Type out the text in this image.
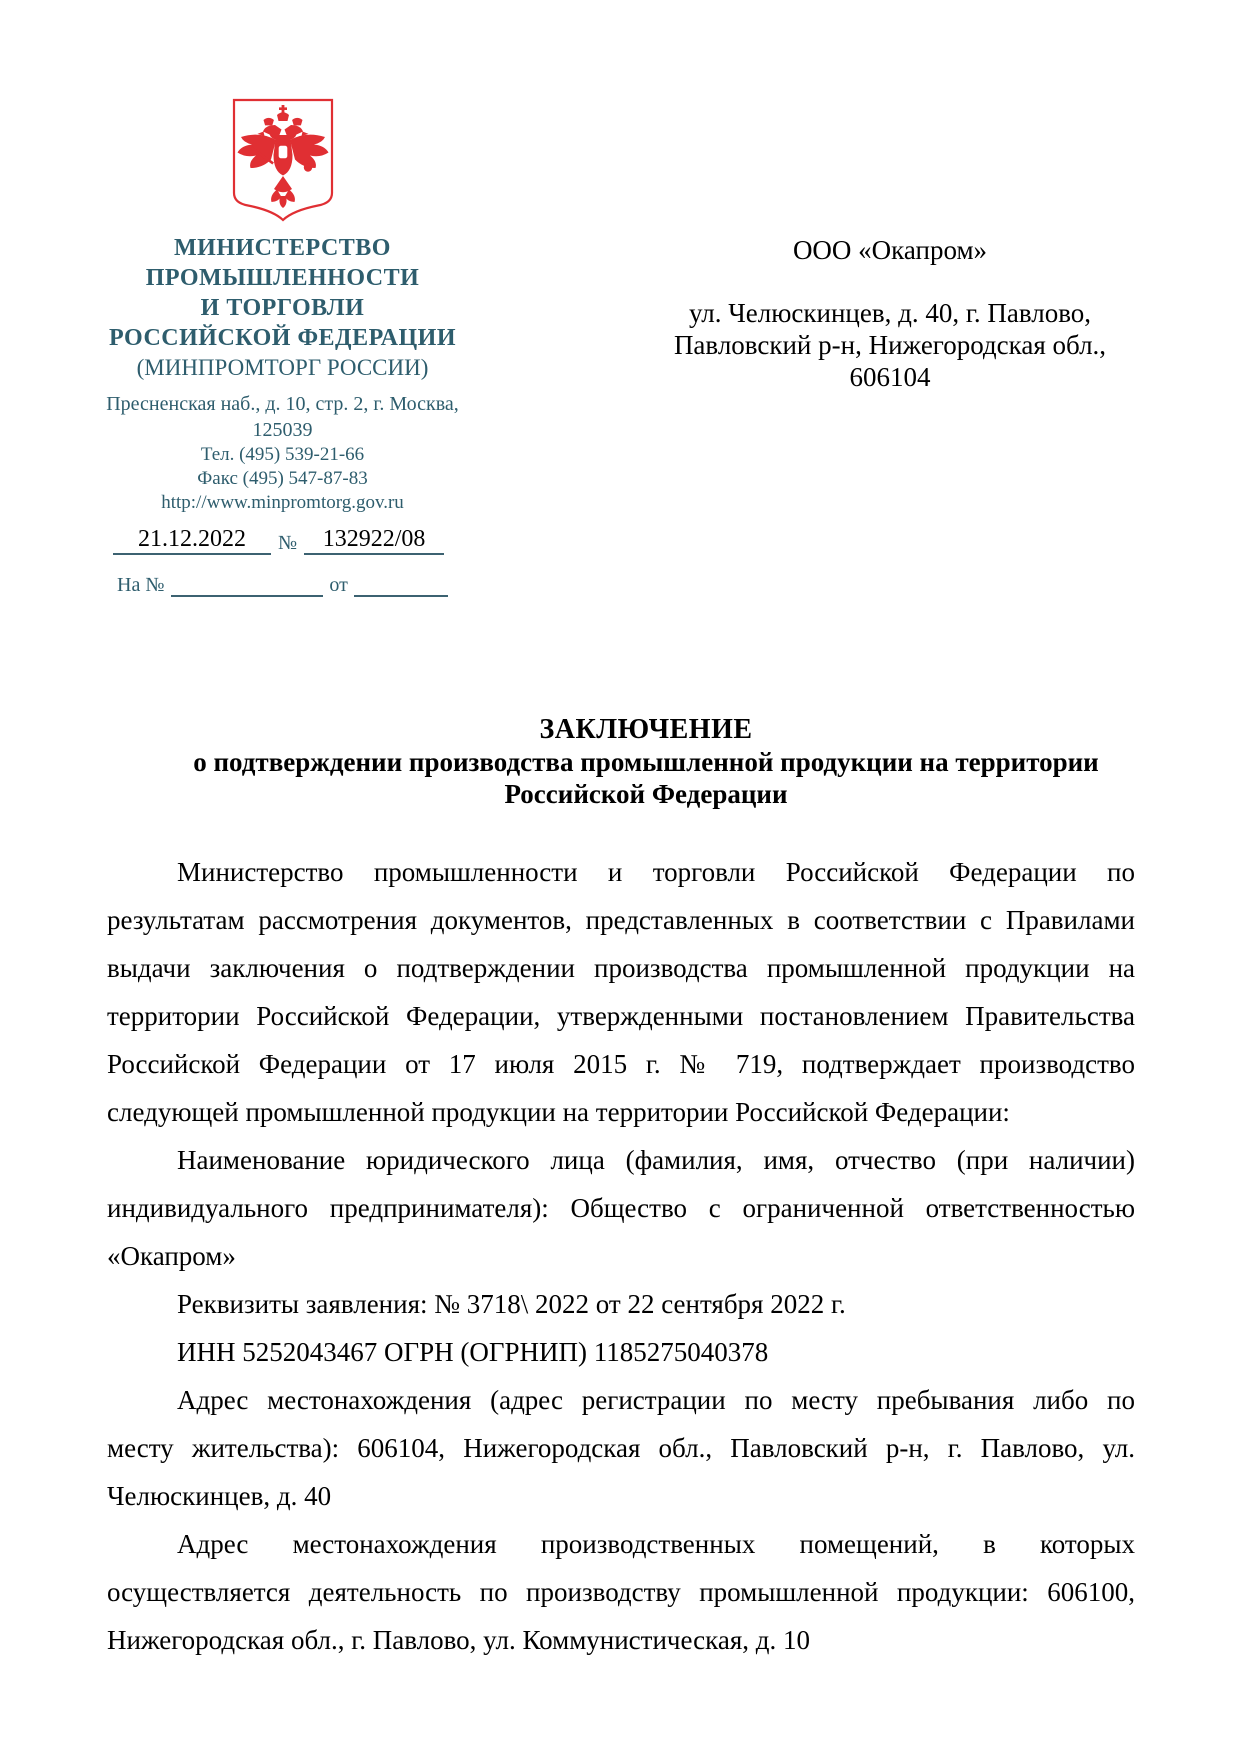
МИНИСТЕРСТВО
ПРОМЫШЛЕННОСТИ
И ТОРГОВЛИ
РОССИЙСКОЙ ФЕДЕРАЦИИ
(МИНПРОМТОРГ РОССИИ)
Пресненская наб., д. 10, стр. 2, г. Москва, 125039
Тел. (495) 539-21-66
Факс (495) 547-87-83
http://www.minpromtorg.gov.ru
21.12.2022	№	132922/08
На №	от
ООО «Окапром»
ул. Челюскинцев, д. 40, г. Павлово,
Павловский р-н, Нижегородская обл.,
606104
ЗАКЛЮЧЕНИЕ
о подтверждении производства промышленной продукции на территории
Российской Федерации
Министерство промышленности и торговли Российской Федерации по
результатам рассмотрения документов, представленных в соответствии с Правилами
выдачи заключения о подтверждении производства промышленной продукции на
территории Российской Федерации, утвержденными постановлением Правительства
Российской Федерации от 17 июля 2015 г. № 719, подтверждает производство
следующей промышленной продукции на территории Российской Федерации:
Наименование юридического лица (фамилия, имя, отчество (при наличии)
индивидуального предпринимателя): Общество с ограниченной ответственностью
«Окапром»
Реквизиты заявления: № 3718\ 2022 от 22 сентября 2022 г.
ИНН 5252043467 ОГРН (ОГРНИП) 1185275040378
Адрес местонахождения (адрес регистрации по месту пребывания либо по
месту жительства): 606104, Нижегородская обл., Павловский р-н, г. Павлово, ул.
Челюскинцев, д. 40
Адрес местонахождения производственных помещений, в которых
осуществляется деятельность по производству промышленной продукции: 606100,
Нижегородская обл., г. Павлово, ул. Коммунистическая, д. 10
